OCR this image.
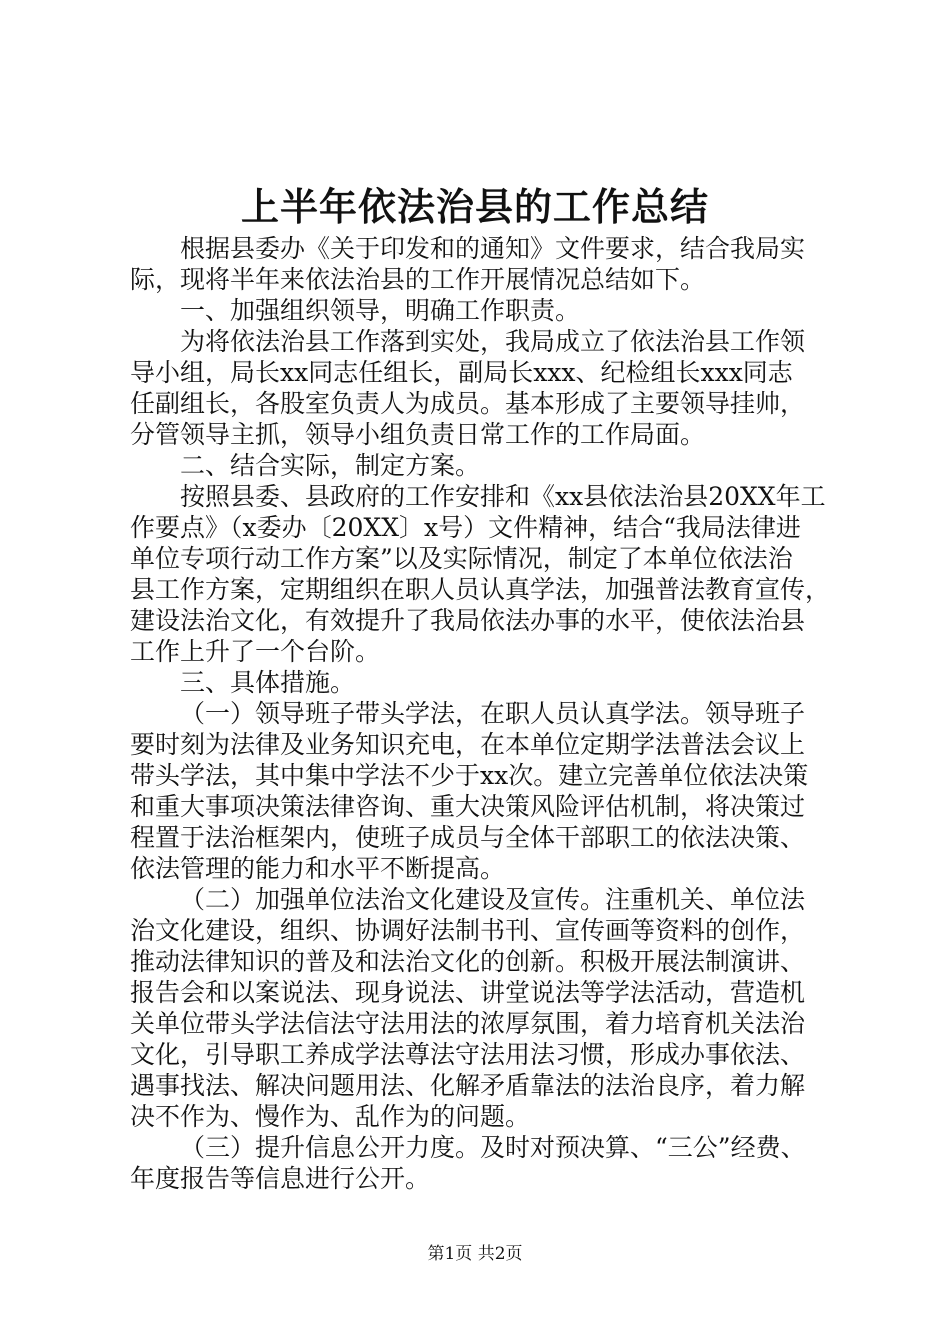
上半年依法治县的工作总结
根据县委办《关于印发和的通知》文件要求，结合我局实
际，现将半年来依法治县的工作开展情况总结如下。
一、加强组织领导，明确工作职责。
为将依法治县工作落到实处，我局成立了依法治县工作领
导小组，局长xx同志任组长，副局长xxx、纪检组长xxx同志
任副组长，各股室负责人为成员。基本形成了主要领导挂帅，
分管领导主抓，领导小组负责日常工作的工作局面。
二、结合实际，制定方案。
按照县委、县政府的工作安排和《xx县依法治县20XX年工
作要点》（x委办〔20XX〕x号）文件精神，结合“我局法律进
单位专项行动工作方案”以及实际情况，制定了本单位依法治
县工作方案，定期组织在职人员认真学法，加强普法教育宣传，
建设法治文化，有效提升了我局依法办事的水平，使依法治县
工作上升了一个台阶。
三、具体措施。
（一）领导班子带头学法，在职人员认真学法。领导班子
要时刻为法律及业务知识充电，在本单位定期学法普法会议上
带头学法，其中集中学法不少于xx次。建立完善单位依法决策
和重大事项决策法律咨询、重大决策风险评估机制，将决策过
程置于法治框架内，使班子成员与全体干部职工的依法决策、
依法管理的能力和水平不断提高。
（二）加强单位法治文化建设及宣传。注重机关、单位法
治文化建设，组织、协调好法制书刊、宣传画等资料的创作，
推动法律知识的普及和法治文化的创新。积极开展法制演讲、
报告会和以案说法、现身说法、讲堂说法等学法活动，营造机
关单位带头学法信法守法用法的浓厚氛围，着力培育机关法治
文化，引导职工养成学法尊法守法用法习惯，形成办事依法、
遇事找法、解决问题用法、化解矛盾靠法的法治良序，着力解
决不作为、慢作为、乱作为的问题。
（三）提升信息公开力度。及时对预决算、“三公”经费、
年度报告等信息进行公开。
第1页 共2页
